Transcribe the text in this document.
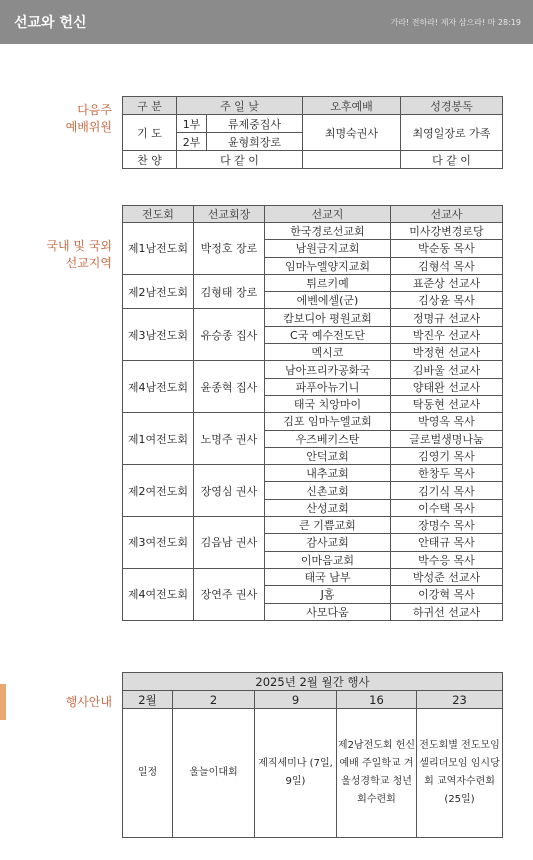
선교와 헌신	가라! 전하라! 제자 삼으라! 마 28:19
다음주
예배위원
국내 및 국외
선교지역
행사안내
구 분	주 일 낮		오후예배	성경봉독
기 도	1부	류제중집사	최명숙권사	최영일장로 가족
	2부	윤형희장로		
찬 양	다 같 이			다 같 이
전도회	선교회장	선교지	선교사
제1남전도회	박정호 장로	한국경로선교회	미사강변경로당
		남원금지교회	박순동 목사
		임마누엘양지교회	김형석 목사
제2남전도회	김형태 장로	튀르키예	표준상 선교사
		에벤에셀(군)	김상윤 목사
제3남전도회	유승종 집사	캄보디아 평원교회	정명규 선교사
		C국 예수전도단	박진우 선교사
		멕시코	박정현 선교사
제4남전도회	윤종혁 집사	남아프리카공화국	김바울 선교사
		파푸아뉴기니	양태완 선교사
		태국 치앙마이	탁동현 선교사
제1여전도회	노명주 권사	김포 임마누엘교회	박영옥 목사
		우즈베키스탄	글로벌생명나눔
		안덕교회	김영기 목사
제2여전도회	장영심 권사	내추교회	한창두 목사
		신촌교회	김기식 목사
		산성교회	이수택 목사
제3여전도회	김읍남 권사	큰 기쁨교회	장명수 목사
		감사교회	안태규 목사
		이마음교회	박수응 목사
제4여전도회	장연주 권사	태국 남부	박성준 선교사
		J홈	이강혁 목사
		사모다움	하귀선 선교사
2025년 2월 월간 행사				
2월	2	9	16	23
일정	울늘이대회	제직세미나 (7일, 9일)	제2남전도회 헌신예배 주일학교 겨울성경학교 청년회수련회	전도회별 전도모임 셀리더모임 임시당회 교역자수련회 (25일)
